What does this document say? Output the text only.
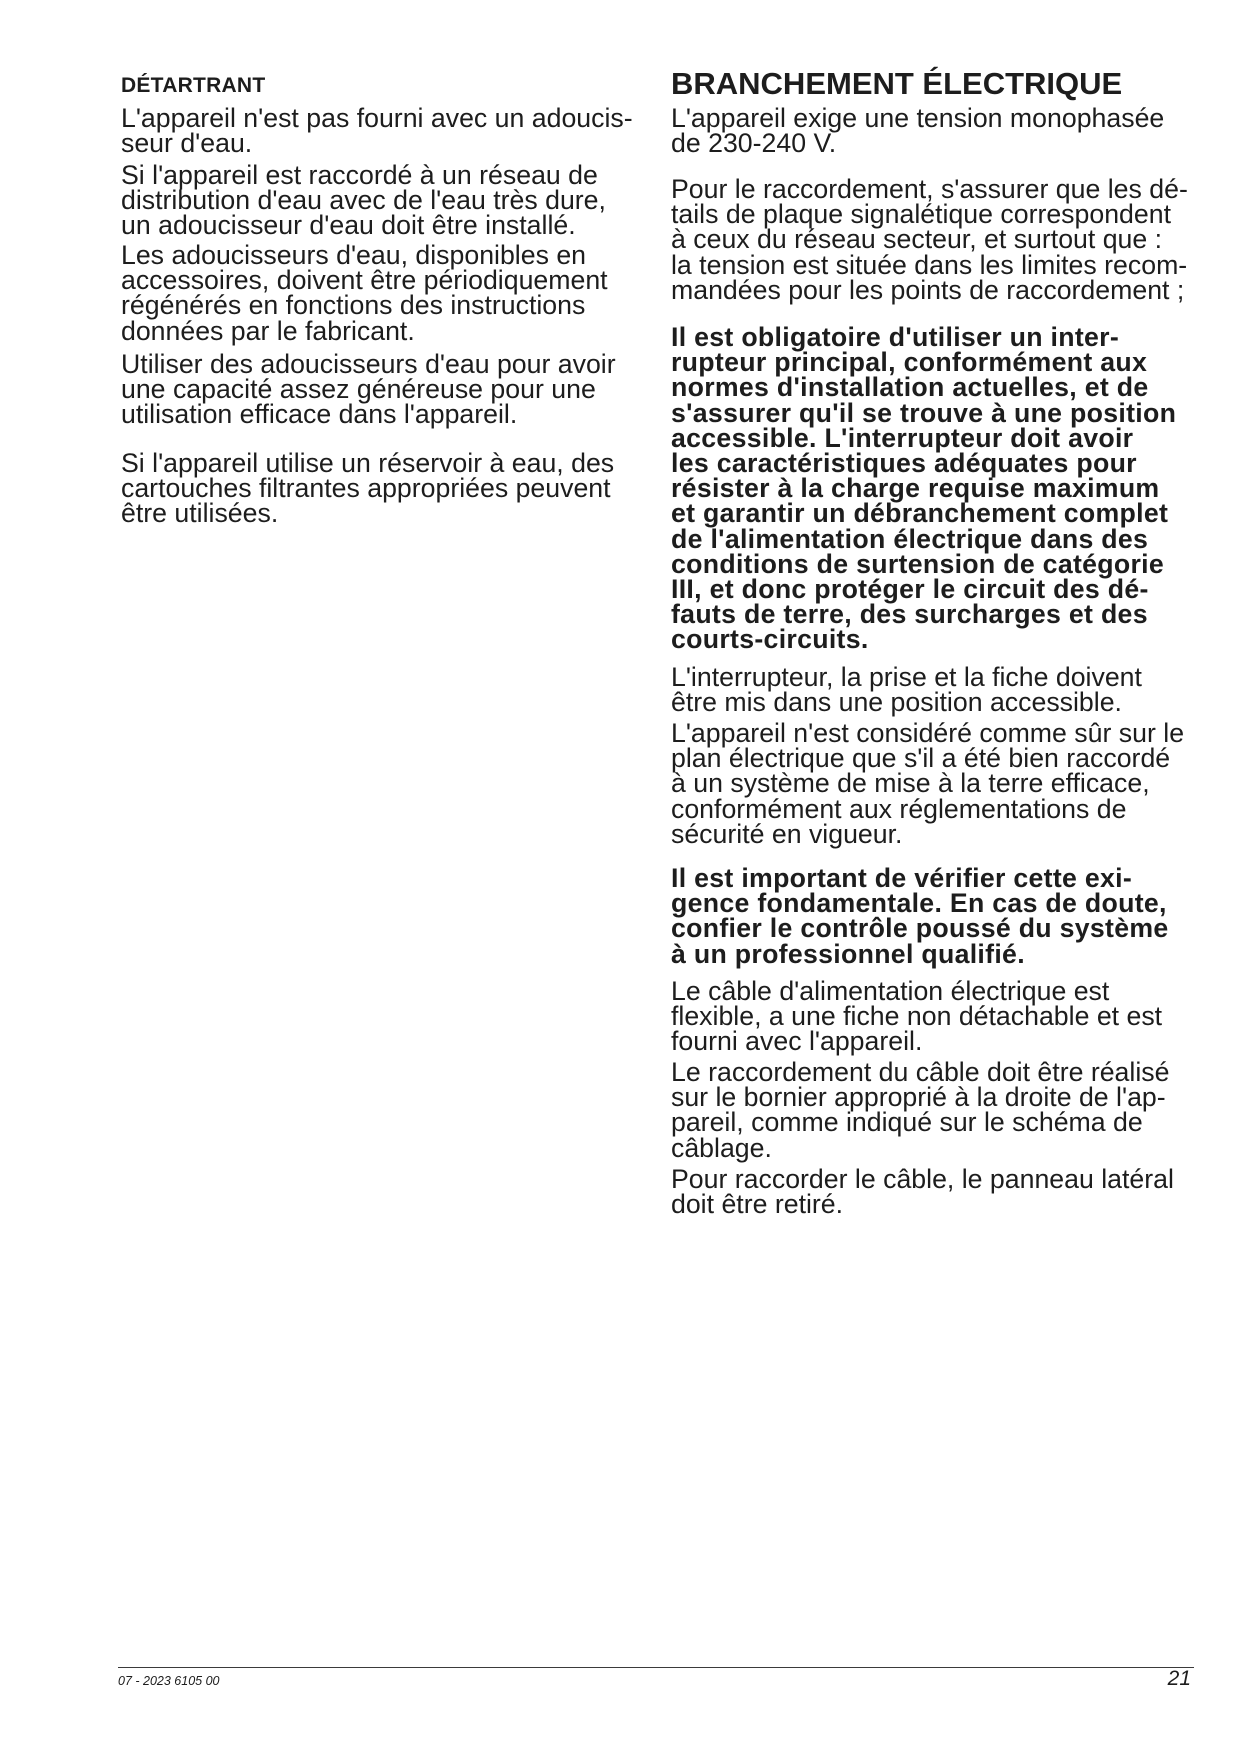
DÉTARTRANT

L'appareil n'est pas fourni avec un adoucis-
seur d'eau.

Si l'appareil est raccordé à un réseau de
distribution d'eau avec de l'eau très dure,
un adoucisseur d'eau doit être installé.

Les adoucisseurs d'eau, disponibles en
accessoires, doivent être périodiquement
régénérés en fonctions des instructions
données par le fabricant.

Utiliser des adoucisseurs d'eau pour avoir
une capacité assez généreuse pour une
utilisation efficace dans l'appareil.

Si l'appareil utilise un réservoir à eau, des
cartouches filtrantes appropriées peuvent
être utilisées.

BRANCHEMENT ÉLECTRIQUE

L'appareil exige une tension monophasée
de 230-240 V.

Pour le raccordement, s'assurer que les dé-
tails de plaque signalétique correspondent
à ceux du réseau secteur, et surtout que :
la tension est située dans les limites recom-
mandées pour les points de raccordement ;

Il est obligatoire d'utiliser un inter-
rupteur principal, conformément aux
normes d'installation actuelles, et de
s'assurer qu'il se trouve à une position
accessible. L'interrupteur doit avoir
les caractéristiques adéquates pour
résister à la charge requise maximum
et garantir un débranchement complet
de l'alimentation électrique dans des
conditions de surtension de catégorie
III, et donc protéger le circuit des dé-
fauts de terre, des surcharges et des
courts-circuits.

L'interrupteur, la prise et la fiche doivent
être mis dans une position accessible.

L'appareil n'est considéré comme sûr sur le
plan électrique que s'il a été bien raccordé
à un système de mise à la terre efficace,
conformément aux réglementations de
sécurité en vigueur.

Il est important de vérifier cette exi-
gence fondamentale. En cas de doute,
confier le contrôle poussé du système
à un professionnel qualifié.

Le câble d'alimentation électrique est
flexible, a une fiche non détachable et est
fourni avec l'appareil.

Le raccordement du câble doit être réalisé
sur le bornier approprié à la droite de l'ap-
pareil, comme indiqué sur le schéma de
câblage.

Pour raccorder le câble, le panneau latéral
doit être retiré.

07 - 2023 6105 00	21
